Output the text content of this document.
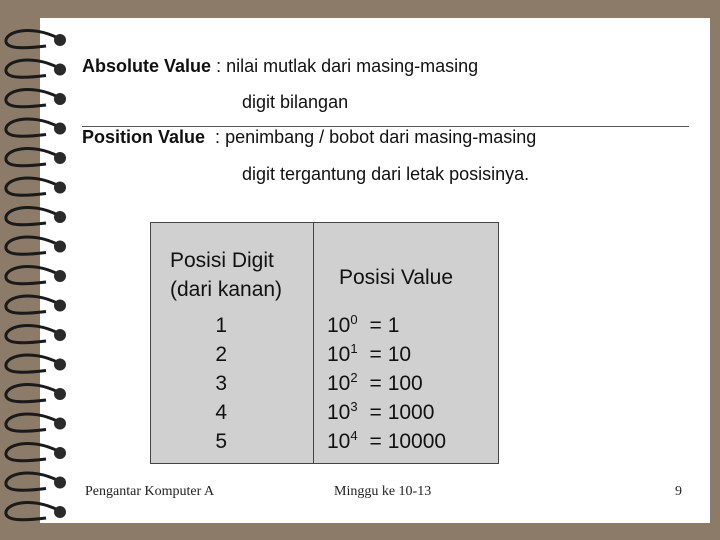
Absolute Value : nilai mutlak dari masing-masing
digit bilangan
Position Value : penimbang / bobot dari masing-masing
digit tergantung dari letak posisinya.
Posisi Digit
(dari kanan)
Posisi Value
1	$10^0 = 1$
2	$10^1 = 10$
3	$10^2 = 100$
4	$10^3 = 1000$
5	$10^4 = 10000$
Pengantar Komputer A	Minggu ke 10-13	9
